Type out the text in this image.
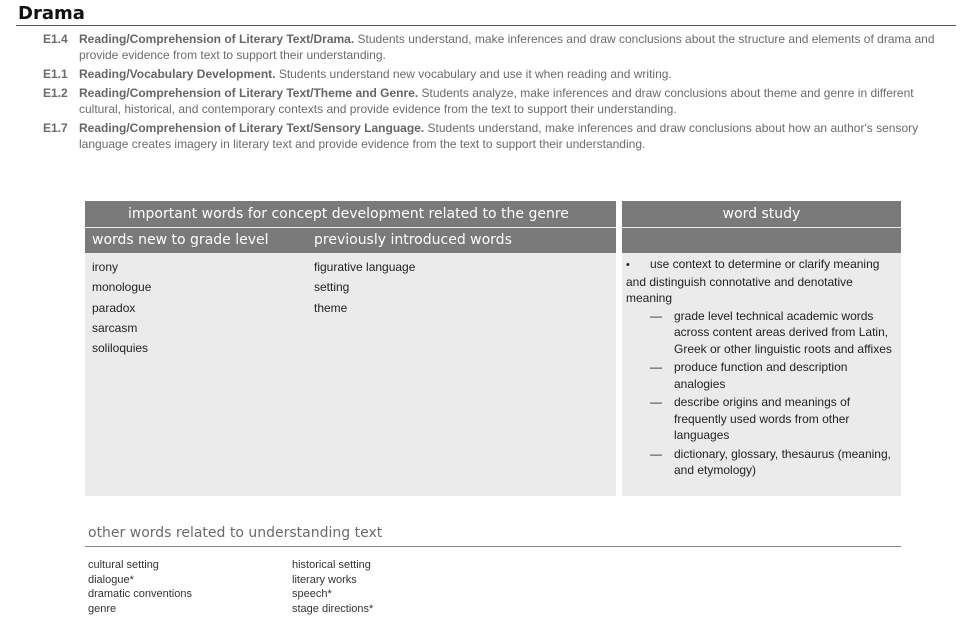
Drama
E1.4 Reading/Comprehension of Literary Text/Drama. Students understand, make inferences and draw conclusions about the structure and elements of drama and provide evidence from text to support their understanding.
E1.1 Reading/Vocabulary Development. Students understand new vocabulary and use it when reading and writing.
E1.2 Reading/Comprehension of Literary Text/Theme and Genre. Students analyze, make inferences and draw conclusions about theme and genre in different cultural, historical, and contemporary contexts and provide evidence from the text to support their understanding.
E1.7 Reading/Comprehension of Literary Text/Sensory Language. Students understand, make inferences and draw conclusions about how an author's sensory language creates imagery in literary text and provide evidence from the text to support their understanding.
important words for concept development related to the genre
words new to grade level	previously introduced words
irony
monologue
paradox
sarcasm
soliloquies
figurative language
setting
theme
word study
• use context to determine or clarify meaning and distinguish connotative and denotative meaning
— grade level technical academic words across content areas derived from Latin, Greek or other linguistic roots and affixes
— produce function and description analogies
— describe origins and meanings of frequently used words from other languages
— dictionary, glossary, thesaurus (meaning, and etymology)
other words related to understanding text
cultural setting
dialogue*
dramatic conventions
genre
historical setting
literary works
speech*
stage directions*
